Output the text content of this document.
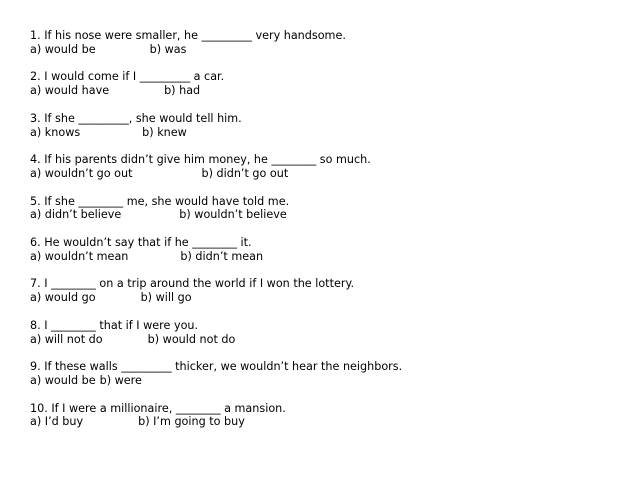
1. If his nose were smaller, he _________ very handsome.
a) would be	b) was
2. I would come if I _________ a car.
a) would have	b) had
3. If she _________, she would tell him.
a) knows	b) knew
4. If his parents didn’t give him money, he ________ so much.
a) wouldn’t go out	b) didn’t go out
5. If she ________ me, she would have told me.
a) didn’t believe	b) wouldn’t believe
6. He wouldn’t say that if he ________ it.
a) wouldn’t mean	b) didn’t mean
7. I ________ on a trip around the world if I won the lottery.
a) would go	b) will go
8. I ________ that if I were you.
a) will not do	b) would not do
9. If these walls _________ thicker, we wouldn’t hear the neighbors.
a) would be b) were
10. If I were a millionaire, ________ a mansion.
a) I’d buy	b) I’m going to buy
